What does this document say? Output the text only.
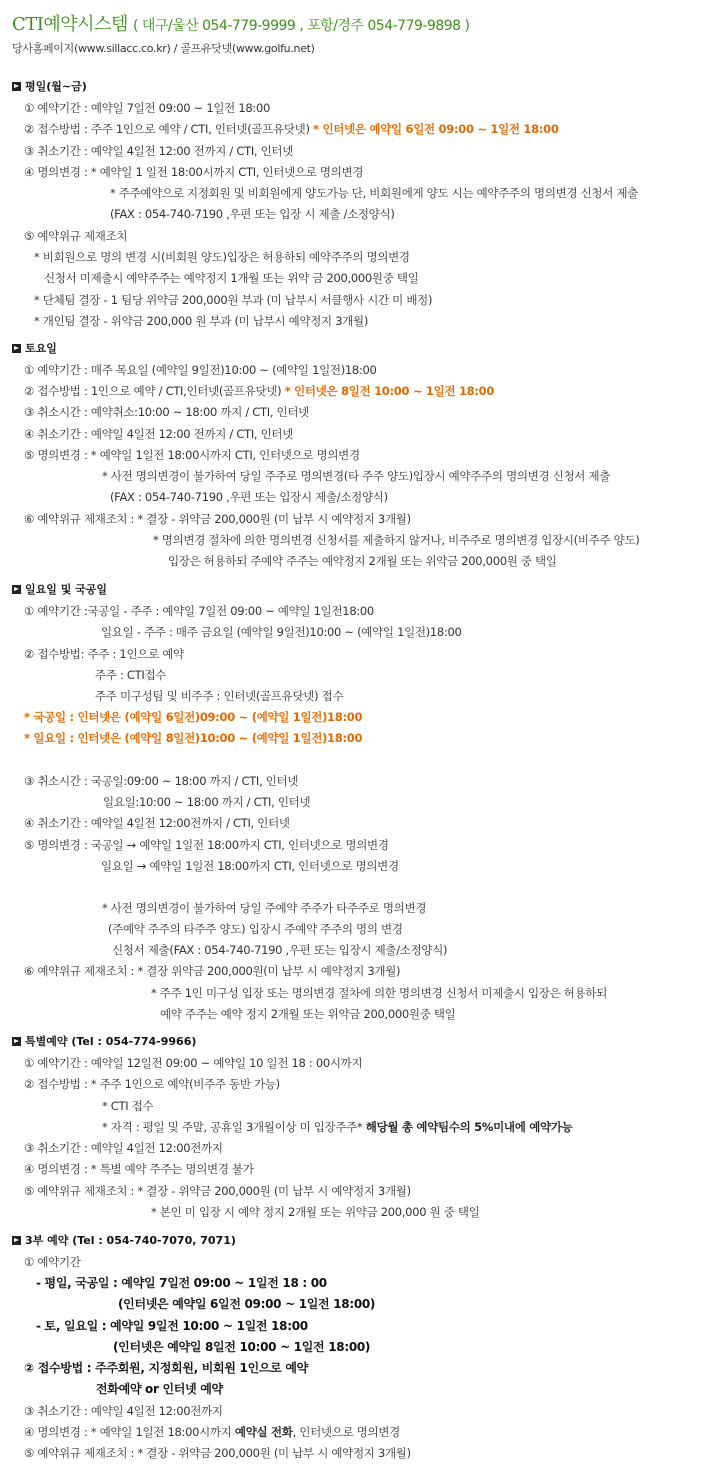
CTI예약시스템 ( 대구/울산 054-779-9999 , 포항/경주 054-779-9898 )
당사홈페이지(www.sillacc.co.kr) / 골프유닷넷(www.golfu.net)
평일(월~금)
① 예약기간 : 예약일 7일전 09:00 ~ 1일전 18:00
② 접수방법 : 주주 1인으로 예약 / CTI, 인터넷(골프유닷넷) * 인터넷은 예약일 6일전 09:00 ~ 1일전 18:00
③ 취소기간 : 예약일 4일전 12:00 전까지 / CTI, 인터넷
④ 명의변경 : * 예약일 1 일전 18:00시까지 CTI, 인터넷으로 명의변경
* 주주예약으로 지정회원 및 비회원에게 양도가능 단, 비회원에게 양도 시는 예약주주의 명의변경 신청서 제출
(FAX : 054-740-7190 ,우편 또는 입장 시 제출 /소정양식)
⑤ 예약위규 제재조치
* 비회원으로 명의 변경 시(비회원 양도)입장은 허용하되 예약주주의 명의변경
신청서 미제출시 예약주주는 예약정지 1개월 또는 위약 금 200,000원중 택일
* 단체팀 결장 - 1 팀당 위약금 200,000원 부과 (미 납부시 서클행사 시간 미 배정)
* 개인팀 결장 - 위약금 200,000 원 부과 (미 납부시 예약정지 3개월)
토요일
① 예약기간 : 매주 목요일 (예약일 9일전)10:00 ~ (예약일 1일전)18:00
② 접수방법 : 1인으로 예약 / CTI,인터넷(골프유닷넷) * 인터넷은 8일전 10:00 ~ 1일전 18:00
③ 취소시간 : 예약취소:10:00 ~ 18:00 까지 / CTI, 인터넷
④ 취소기간 : 예약일 4일전 12:00 전까지 / CTI, 인터넷
⑤ 명의변경 : * 예약일 1일전 18:00시까지 CTI, 인터넷으로 명의변경
* 사전 명의변경이 불가하여 당일 주주로 명의변경(타 주주 양도)입장시 예약주주의 명의변경 신청서 제출
(FAX : 054-740-7190 ,우편 또는 입장시 제출/소정양식)
⑥ 예약위규 제재조치 : * 결장 - 위약금 200,000원 (미 납부 시 예약정지 3개월)
* 명의변경 절차에 의한 명의변경 신청서를 제출하지 않거나, 비주주로 명의변경 입장시(비주주 양도)
입장은 허용하되 주예약 주주는 예약정지 2개월 또는 위약금 200,000원 중 택일
일요일 및 국공일
① 예약기간 :국공일 - 주주 : 예약일 7일전 09:00 ~ 예약일 1일전18:00
일요일 - 주주 : 매주 금요일 (예약일 9일전)10:00 ~ (예약일 1일전)18:00
② 접수방법: 주주 : 1인으로 예약
주주 : CTI접수
주주 미구성팀 및 비주주 : 인터넷(골프유닷넷) 접수
* 국공일 : 인터넷은 (예약일 6일전)09:00 ~ (예약일 1일전)18:00
* 일요일 : 인터넷은 (예약일 8일전)10:00 ~ (예약일 1일전)18:00
③ 취소시간 : 국공일:09:00 ~ 18:00 까지 / CTI, 인터넷
일요일:10:00 ~ 18:00 까지 / CTI, 인터넷
④ 취소기간 : 예약일 4일전 12:00전까지 / CTI, 인터넷
⑤ 명의변경 : 국공일 → 예약일 1일전 18:00까지 CTI, 인터넷으로 명의변경
일요일 → 예약일 1일전 18:00까지 CTI, 인터넷으로 명의변경
* 사전 명의변경이 불가하여 당일 주예약 주주가 타주주로 명의변경
(주예약 주주의 타주주 양도) 입장시 주예약 주주의 명의 변경
신청서 제출(FAX : 054-740-7190 ,우편 또는 입장시 제출/소정양식)
⑥ 예약위규 제재조치 : * 결장 위약금 200,000원(미 납부 시 예약정지 3개월)
* 주주 1인 미구성 입장 또는 명의변경 절차에 의한 명의변경 신청서 미제출시 입장은 허용하되
예약 주주는 예약 정지 2개월 또는 위약금 200,000원중 택일
특별예약 (Tel : 054-774-9966)
① 예약기간 : 예약일 12일전 09:00 ~ 예약일 10 일전 18 : 00시까지
② 접수방법 : * 주주 1인으로 예약(비주주 동반 가능)
* CTI 접수
* 자격 : 평일 및 주말, 공휴일 3개월이상 미 입장주주* 해당월 총 예약팀수의 5%미내에 예약가능
③ 취소기간 : 예약일 4일전 12:00전까지
④ 명의변경 : * 특별 예약 주주는 명의변경 불가
⑤ 예약위규 제재조치 : * 결장 - 위약금 200,000원 (미 납부 시 예약정지 3개월)
* 본인 미 입장 시 예약 정지 2개월 또는 위약금 200,000 원 중 택일
3부 예약 (Tel : 054-740-7070, 7071)
① 예약기간
- 평일, 국공일 : 예약일 7일전 09:00 ~ 1일전 18 : 00
(인터넷은 예약일 6일전 09:00 ~ 1일전 18:00)
- 토, 일요일 : 예약일 9일전 10:00 ~ 1일전 18:00
(인터넷은 예약일 8일전 10:00 ~ 1일전 18:00)
② 접수방법 : 주주회원, 지정회원, 비회원 1인으로 예약
전화예약 or 인터넷 예약
③ 취소기간 : 예약일 4일전 12:00전까지
④ 명의변경 : * 예약일 1일전 18:00시까지 예약실 전화, 인터넷으로 명의변경
⑤ 예약위규 제재조치 : * 결장 - 위약금 200,000원 (미 납부 시 예약정지 3개월)
